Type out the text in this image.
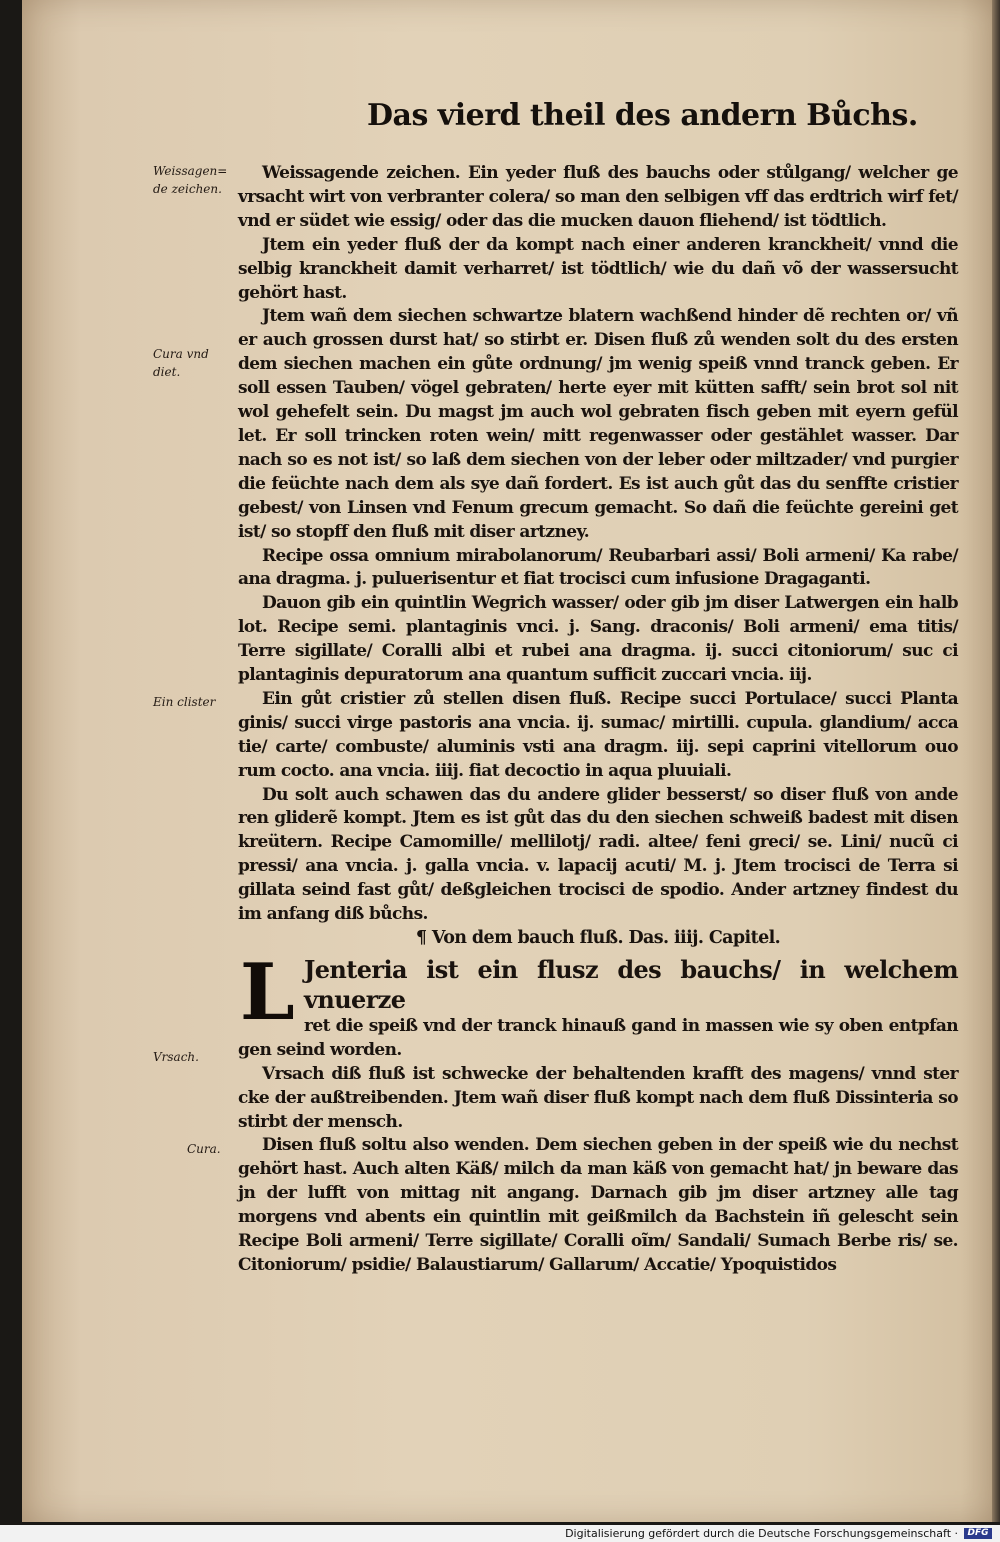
Das vierd theil des andern Bůchs.
Weissagen=
de zeichen.
Cura vnd
diet.
Ein clister
Vrsach.
Cura.

Weissagende zeichen. Ein yeder fluß des bauchs oder stůlgang/ welcher ge vrsacht wirt von verbranter colera/ so man den selbigen vff das erdtrich wirf fet/ vnd er südet wie essig/ oder das die mucken dauon fliehend/ ist tödtlich.

Jtem ein yeder fluß der da kompt nach einer anderen kranckheit/ vnnd die selbig kranckheit damit verharret/ ist tödtlich/ wie du dañ võ der wassersucht gehört hast.

Jtem wañ dem siechen schwartze blatern wachßend hinder dẽ rechten or/ vñ er auch grossen durst hat/ so stirbt er. Disen fluß zů wenden solt du des ersten dem siechen machen ein gůte ordnung/ jm wenig speiß vnnd tranck geben. Er soll essen Tauben/ vögel gebraten/ herte eyer mit kütten safft/ sein brot sol nit wol gehefelt sein. Du magst jm auch wol gebraten fisch geben mit eyern gefül let. Er soll trincken roten wein/ mitt regenwasser oder gestählet wasser. Dar nach so es not ist/ so laß dem siechen von der leber oder miltzader/ vnd purgier die feüchte nach dem als sye dañ fordert. Es ist auch gůt das du senffte cristier gebest/ von Linsen vnd Fenum grecum gemacht. So dañ die feüchte gereini get ist/ so stopff den fluß mit diser artzney.

Recipe ossa omnium mirabolanorum/ Reubarbari assi/ Boli armeni/ Ka rabe/ ana dragma. j. puluerisentur et fiat trocisci cum infusione Dragaganti.

Dauon gib ein quintlin Wegrich wasser/ oder gib jm diser Latwergen ein halb lot. Recipe semi. plantaginis vnci. j. Sang. draconis/ Boli armeni/ ema titis/ Terre sigillate/ Coralli albi et rubei ana dragma. ij. succi citoniorum/ suc ci plantaginis depuratorum ana quantum sufficit zuccari vncia. iij.

Ein gůt cristier zů stellen disen fluß. Recipe succi Portulace/ succi Planta ginis/ succi virge pastoris ana vncia. ij. sumac/ mirtilli. cupula. glandium/ acca tie/ carte/ combuste/ aluminis vsti ana dragm. iij. sepi caprini vitellorum ouo rum cocto. ana vncia. iiij. fiat decoctio in aqua pluuiali.

Du solt auch schawen das du andere glider besserst/ so diser fluß von ande ren gliderẽ kompt. Jtem es ist gůt das du den siechen schweiß badest mit disen kreütern. Recipe Camomille/ mellilotj/ radi. altee/ feni greci/ se. Lini/ nucũ ci pressi/ ana vncia. j. galla vncia. v. lapacij acuti/ M. j. Jtem trocisci de Terra si gillata seind fast gůt/ deßgleichen trocisci de spodio. Ander artzney findest du im anfang diß bůchs.

¶ Von dem bauch fluß. Das. iiij. Capitel.

L Jenteria ist ein flusz des bauchs/ in welchem vnuerze

ret die speiß vnd der tranck hinauß gand in massen wie sy oben entpfan gen seind worden.

Vrsach diß fluß ist schwecke der behaltenden krafft des magens/ vnnd ster cke der außtreibenden. Jtem wañ diser fluß kompt nach dem fluß Dissinteria so stirbt der mensch.

Disen fluß soltu also wenden. Dem siechen geben in der speiß wie du nechst gehört hast. Auch alten Käß/ milch da man käß von gemacht hat/ jn beware das jn der lufft von mittag nit angang. Darnach gib jm diser artzney alle tag morgens vnd abents ein quintlin mit geißmilch da Bachstein iñ gelescht sein Recipe Boli armeni/ Terre sigillate/ Coralli oĩm/ Sandali/ Sumach Berbe ris/ se. Citoniorum/ psidie/ Balaustiarum/ Gallarum/ Accatie/ Ypoquistidos

Digitalisierung gefördert durch die Deutsche Forschungsgemeinschaft ·	DFG
